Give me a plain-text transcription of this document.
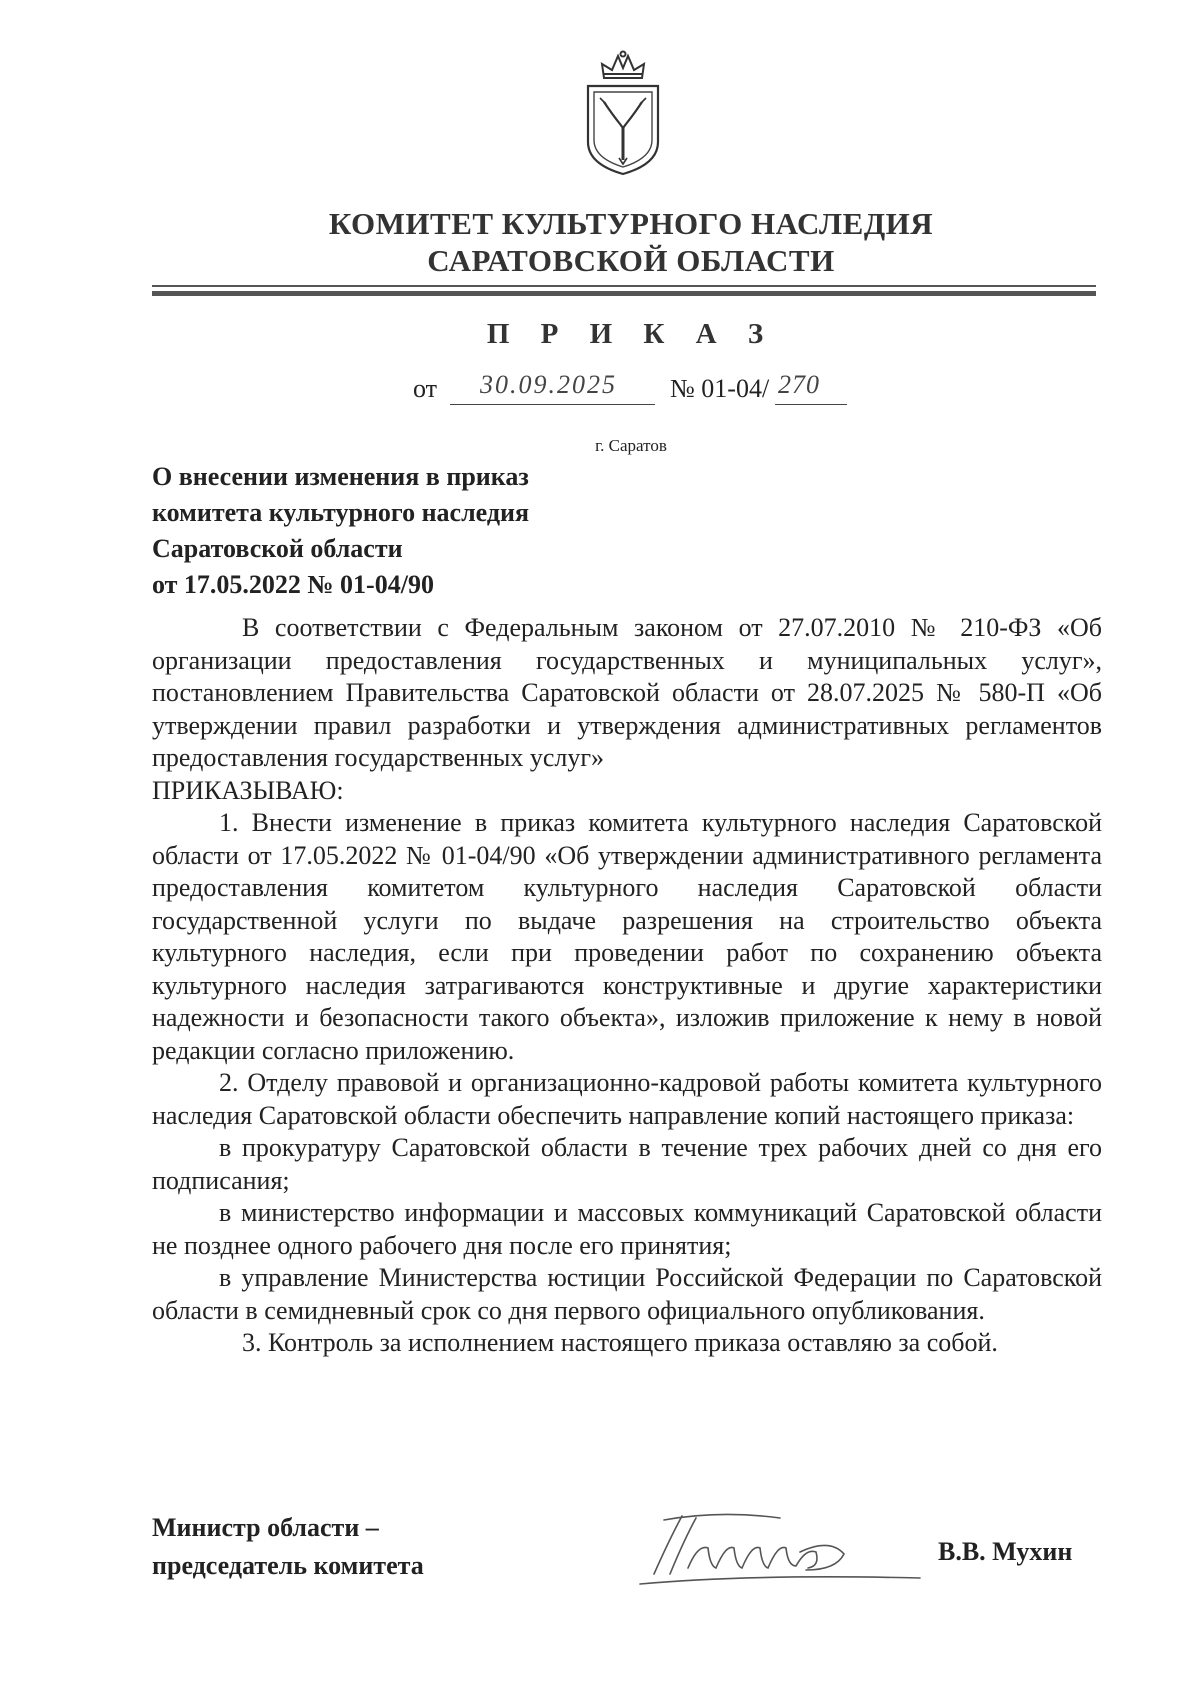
КОМИТЕТ КУЛЬТУРНОГО НАСЛЕДИЯ
САРАТОВСКОЙ ОБЛАСТИ
П Р И К А З
от 30.09.2025 № 01-04/ 270
г. Саратов
О внесении изменения в приказ
комитета культурного наследия
Саратовской области
от 17.05.2022 № 01-04/90

В соответствии с Федеральным законом от 27.07.2010 № 210-ФЗ «Об организации предоставления государственных и муниципальных услуг», постановлением Правительства Саратовской области от 28.07.2025 № 580-П «Об утверждении правил разработки и утверждения административных регламентов предоставления государственных услуг»

ПРИКАЗЫВАЮ:

1. Внести изменение в приказ комитета культурного наследия Саратовской области от 17.05.2022 № 01-04/90 «Об утверждении административного регламента предоставления комитетом культурного наследия Саратовской области государственной услуги по выдаче разрешения на строительство объекта культурного наследия, если при проведении работ по сохранению объекта культурного наследия затрагиваются конструктивные и другие характеристики надежности и безопасности такого объекта», изложив приложение к нему в новой редакции согласно приложению.

2. Отделу правовой и организационно-кадровой работы комитета культурного наследия Саратовской области обеспечить направление копий настоящего приказа:

в прокуратуру Саратовской области в течение трех рабочих дней со дня его подписания;

в министерство информации и массовых коммуникаций Саратовской области не позднее одного рабочего дня после его принятия;

в управление Министерства юстиции Российской Федерации по Саратовской области в семидневный срок со дня первого официального опубликования.

3. Контроль за исполнением настоящего приказа оставляю за собой.

Министр области –
председатель комитета	В.В. Мухин
